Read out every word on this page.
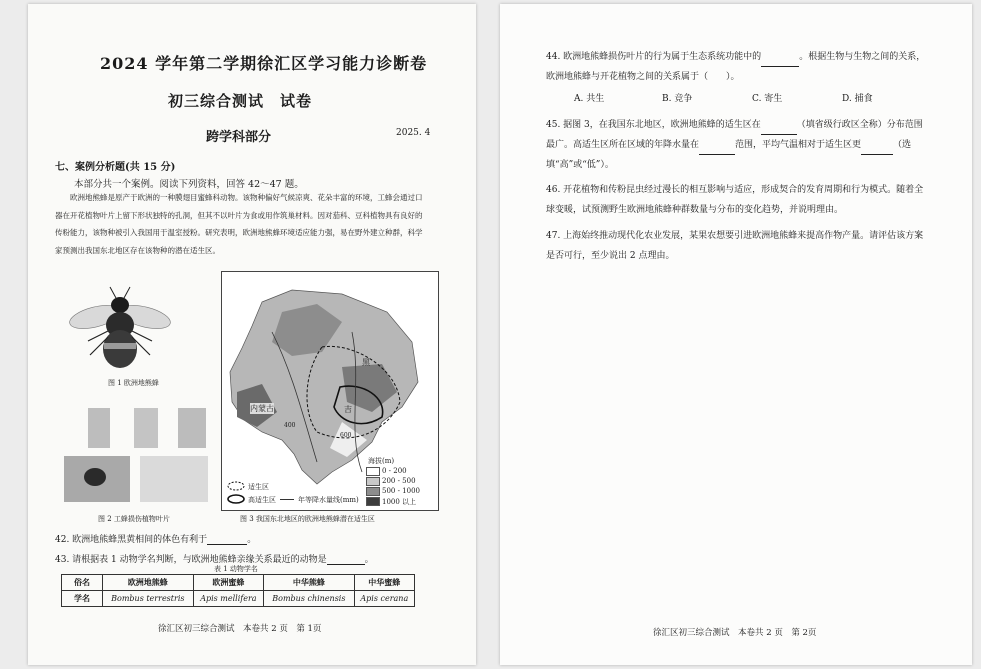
2024 学年第二学期徐汇区学习能力诊断卷
初三综合测试　试卷
跨学科部分	2025. 4
七、案例分析题(共 15 分)
本部分共一个案例。阅读下列资料，回答 42～47 题。
欧洲地熊蜂是原产于欧洲的一种膜翅目蜜蜂科动物。该物种偏好气候凉爽、花朵丰富的环境，工蜂会通过口器在开花植物叶片上留下形状独特的孔洞，但其不以叶片为食或用作筑巢材料。因对茄科、豆科植物具有良好的传粉能力，该物种被引入我国用于温室授粉。研究表明，欧洲地熊蜂环境适应能力强，易在野外建立种群，科学家预测出我国东北地区存在该物种的潜在适生区。
图 1 欧洲地熊蜂
图 2 工蜂损伤植物叶片
内蒙古
黑
吉
400
600
海拔(m)
0 - 200
200 - 500
500 - 1000
1000 以上
适生区
高适生区	年等降水量线(mm)
图 3 我国东北地区的欧洲地熊蜂潜在适生区
42. 欧洲地熊蜂黑黄相间的体色有利于	。
43. 请根据表 1 动物学名判断，与欧洲地熊蜂亲缘关系最近的动物是	。
表 1 动物学名
俗名	欧洲地熊蜂	欧洲蜜蜂	中华熊蜂	中华蜜蜂
学名	Bombus terrestris	Apis mellifera	Bombus chinensis	Apis cerana
徐汇区初三综合测试　本卷共 2 页　第 1页
44. 欧洲地熊蜂损伤叶片的行为属于生态系统功能中的	。根据生物与生物之间的关系，欧洲地熊蜂与开花植物之间的关系属于（　　）。
A. 共生	B. 竞争	C. 寄生	D. 捕食
45. 据图 3，在我国东北地区，欧洲地熊蜂的适生区在	（填省级行政区全称）分布范围最广。高适生区所在区域的年降水量在	范围，平均气温相对于适生区更	（选填“高”或“低”）。
46. 开花植物和传粉昆虫经过漫长的相互影响与适应，形成契合的发育周期和行为模式。随着全球变暖，试预测野生欧洲地熊蜂种群数量与分布的变化趋势，并说明理由。
47. 上海始终推动现代化农业发展，某果农想要引进欧洲地熊蜂来提高作物产量。请评估该方案是否可行，至少说出 2 点理由。
徐汇区初三综合测试　本卷共 2 页　第 2页
